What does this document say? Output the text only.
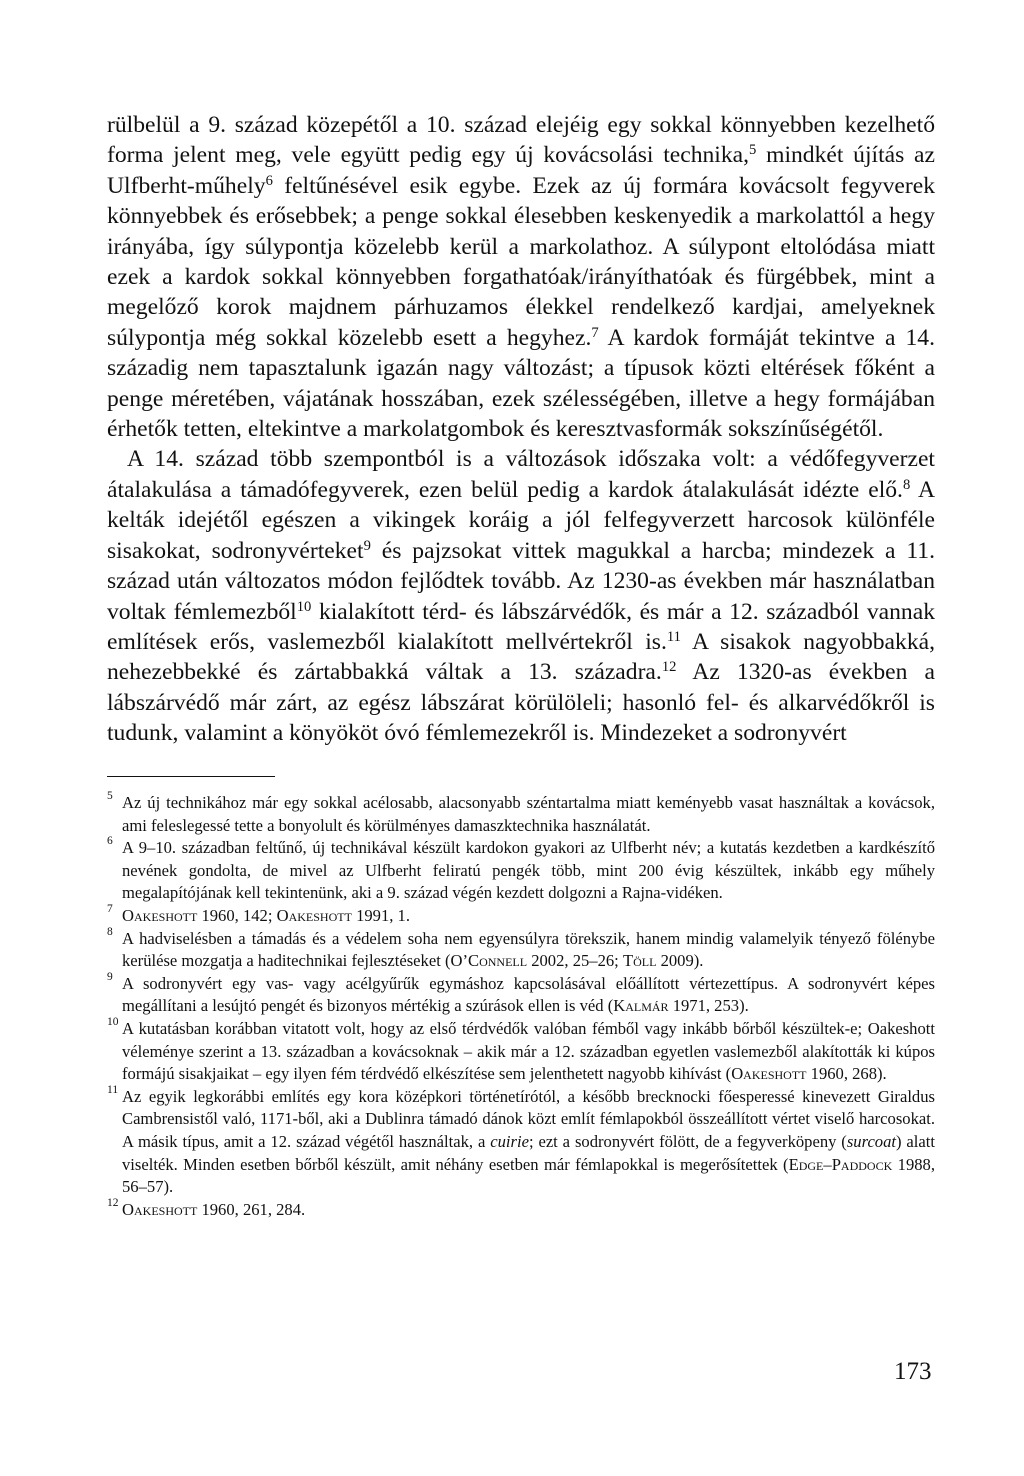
rülbelül a 9. század közepétől a 10. század elejéig egy sokkal könnyebben kezelhető forma jelent meg, vele együtt pedig egy új kovácsolási technika,$^5$ mindkét újítás az Ulfberht-műhely$^6$ feltűnésével esik egybe. Ezek az új formára kovácsolt fegyverek könnyebbek és erősebbek; a penge sokkal élesebben keskenyedik a markolattól a hegy irányába, így súlypontja közelebb kerül a markolathoz. A súlypont eltolódása miatt ezek a kardok sokkal könnyebben forgathatóak/irányíthatóak és fürgébbek, mint a megelőző korok majdnem párhuzamos élekkel rendelkező kardjai, amelyeknek súlypontja még sokkal közelebb esett a hegyhez.$^7$ A kardok formáját tekintve a 14. századig nem tapasztalunk igazán nagy változást; a típusok közti eltérések főként a penge méretében, vájatának hosszában, ezek szélességében, illetve a hegy formájában érhetők tetten, eltekintve a markolatgombok és keresztvasformák sokszínűségétől.

A 14. század több szempontból is a változások időszaka volt: a védőfegyverzet átalakulása a támadófegyverek, ezen belül pedig a kardok átalakulását idézte elő.$^8$ A kelták idejétől egészen a vikingek koráig a jól felfegyverzett harcosok különféle sisakokat, sodronyvérteket$^9$ és pajzsokat vittek magukkal a harcba; mindezek a 11. század után változatos módon fejlődtek tovább. Az 1230-as években már használatban voltak fémlemezből$^{10}$ kialakított térd- és lábszárvédők, és már a 12. századból vannak említések erős, vaslemezből kialakított mellvértekről is.$^{11}$ A sisakok nagyobbakká, nehezebbekké és zártabbakká váltak a 13. századra.$^{12}$ Az 1320-as években a lábszárvédő már zárt, az egész lábszárat körülöleli; hasonló fel- és alkarvédőkről is tudunk, valamint a könyököt óvó fémlemezekről is. Mindezeket a sodronyvért

5 Az új technikához már egy sokkal acélosabb, alacsonyabb széntartalma miatt keményebb vasat használtak a kovácsok, ami feleslegessé tette a bonyolult és körülményes damaszktechnika használatát.
6 A 9–10. században feltűnő, új technikával készült kardokon gyakori az Ulfberht név; a kutatás kezdetben a kardkészítő nevének gondolta, de mivel az Ulfberht feliratú pengék több, mint 200 évig készültek, inkább egy műhely megalapítójának kell tekintenünk, aki a 9. század végén kezdett dolgozni a Rajna-vidéken.
7 Oakeshott 1960, 142; Oakeshott 1991, 1.
8 A hadviselésben a támadás és a védelem soha nem egyensúlyra törekszik, hanem mindig valamelyik tényező fölénybe kerülése mozgatja a haditechnikai fejlesztéseket (O’Connell 2002, 25–26; Töll 2009).
9 A sodronyvért egy vas- vagy acélgyűrűk egymáshoz kapcsolásával előállított vértezettípus. A sodronyvért képes megállítani a lesújtó pengét és bizonyos mértékig a szúrások ellen is véd (Kalmár 1971, 253).
10 A kutatásban korábban vitatott volt, hogy az első térdvédők valóban fémből vagy inkább bőrből készültek-e; Oakeshott véleménye szerint a 13. században a kovácsoknak – akik már a 12. században egyetlen vaslemezből alakították ki kúpos formájú sisakjaikat – egy ilyen fém térdvédő elkészítése sem jelenthetett nagyobb kihívást (Oakeshott 1960, 268).
11 Az egyik legkorábbi említés egy kora középkori történetírótól, a később brecknocki főesperessé kinevezett Giraldus Cambrensistől való, 1171-ből, aki a Dublinra támadó dánok közt említ fémlapokból összeállított vértet viselő harcosokat. A másik típus, amit a 12. század végétől használtak, a cuirie; ezt a sodronyvért fölött, de a fegyverköpeny (surcoat) alatt viselték. Minden esetben bőrből készült, amit néhány esetben már fémlapokkal is megerősítettek (Edge–Paddock 1988, 56–57).
12 Oakeshott 1960, 261, 284.
173
